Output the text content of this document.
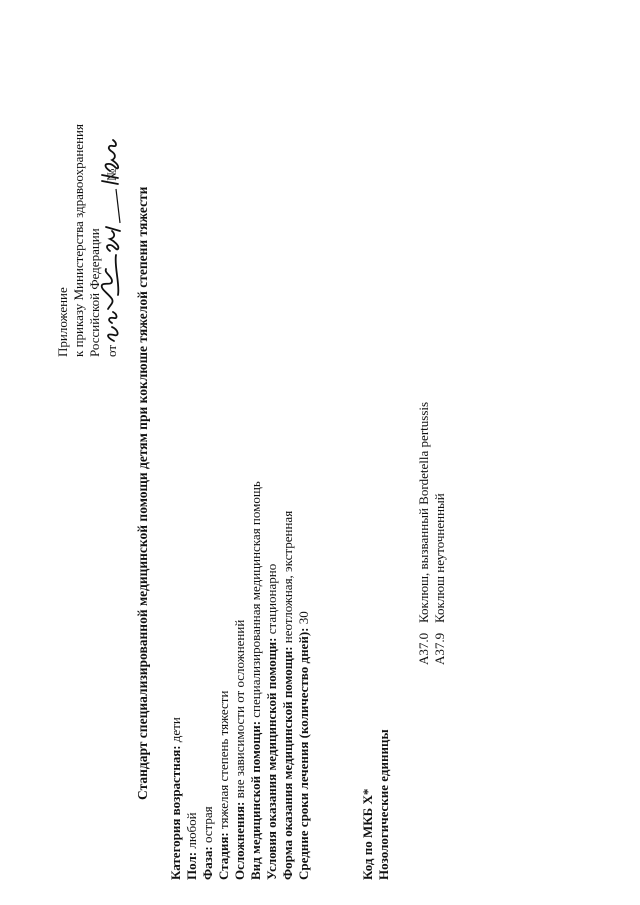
Приложение к приказу Министерства здравоохранения Российской Федерации от
№
Стандарт специализированной медицинской помощи детям при коклюше тяжелой степени тяжести
Категория возрастная: дети
Пол: любой
Фаза: острая
Стадия: тяжелая степень тяжести
Осложнения: вне зависимости от осложнений Вид медицинской помощи: специализированная медицинская помощь
Условия оказания медицинской помощи: стационарно
Форма оказания медицинской помощи: неотложная, экстренная
Средние сроки лечения (количество дней): 30
Код по МКБ X* Нозологические единицы
A37.0
Коклюш, вызванный Bordetella pertussis
A37.9
Коклюш неуточненный
